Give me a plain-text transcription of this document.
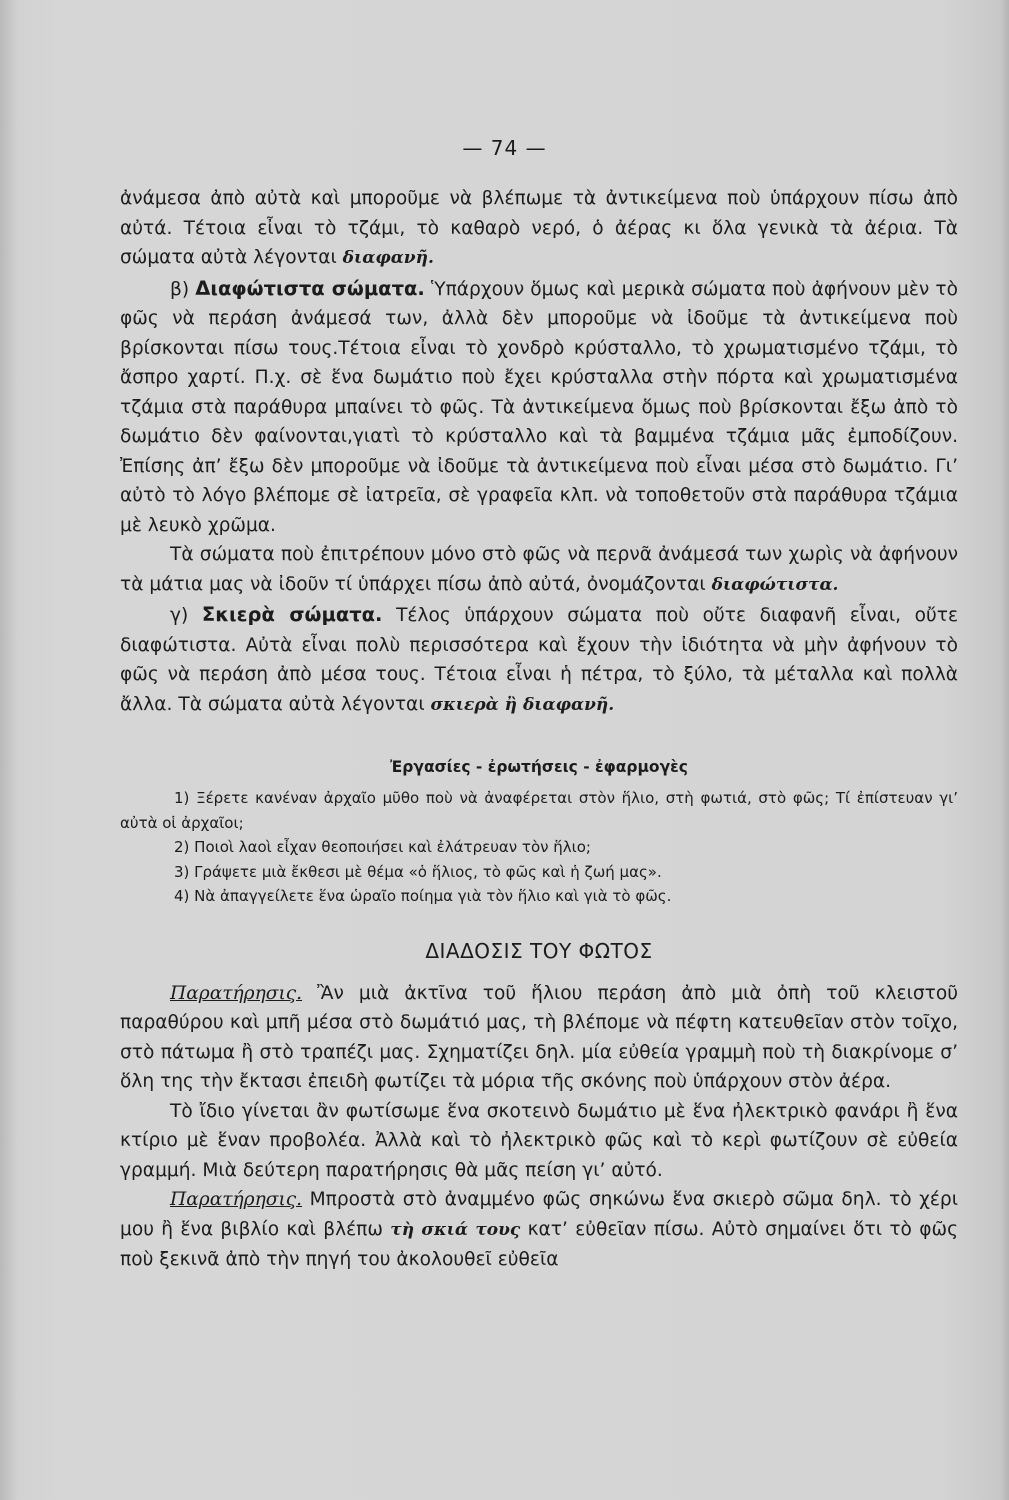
— 74 —

ἀνάμεσα ἀπὸ αὐτὰ καὶ μποροῦμε νὰ βλέπωμε τὰ ἀντικείμενα ποὺ ὑπάρχουν πίσω ἀπὸ αὐτά. Τέτοια εἶναι τὸ τζάμι, τὸ καθαρὸ νερό, ὁ ἀέρας κι ὅλα γενικὰ τὰ ἀέρια. Τὰ σώματα αὐτὰ λέγονται διαφανῆ.

β) Διαφώτιστα σώματα. Ὑπάρχουν ὅμως καὶ μερικὰ σώματα ποὺ ἀφήνουν μὲν τὸ φῶς νὰ περάση ἀνάμεσά των, ἀλλὰ δὲν μποροῦμε νὰ ἰδοῦμε τὰ ἀντικείμενα ποὺ βρίσκονται πίσω τους.Τέτοια εἶναι τὸ χονδρὸ κρύσταλλο, τὸ χρωματισμένο τζάμι, τὸ ἄσπρο χαρτί. Π.χ. σὲ ἕνα δωμάτιο ποὺ ἔχει κρύσταλλα στὴν πόρτα καὶ χρωματισμένα τζάμια στὰ παράθυρα μπαίνει τὸ φῶς. Τὰ ἀντικείμενα ὅμως ποὺ βρίσκονται ἔξω ἀπὸ τὸ δωμάτιο δὲν φαίνονται,γιατὶ τὸ κρύσταλλο καὶ τὰ βαμμένα τζάμια μᾶς ἐμποδίζουν. Ἐπίσης ἀπ’ ἔξω δὲν μποροῦμε νὰ ἰδοῦμε τὰ ἀντικείμενα ποὺ εἶναι μέσα στὸ δωμάτιο. Γι’ αὐτὸ τὸ λόγο βλέπομε σὲ ἰατρεῖα, σὲ γραφεῖα κλπ. νὰ τοποθετοῦν στὰ παράθυρα τζάμια μὲ λευκὸ χρῶμα.

Τὰ σώματα ποὺ ἐπιτρέπουν μόνο στὸ φῶς νὰ περνᾶ ἀνάμεσά των χωρὶς νὰ ἀφήνουν τὰ μάτια μας νὰ ἰδοῦν τί ὑπάρχει πίσω ἀπὸ αὐτά, ὀνομάζονται διαφώτιστα.

γ) Σκιερὰ σώματα. Τέλος ὑπάρχουν σώματα ποὺ οὔτε διαφανῆ εἶναι, οὔτε διαφώτιστα. Αὐτὰ εἶναι πολὺ περισσότερα καὶ ἔχουν τὴν ἰδιότητα νὰ μὴν ἀφήνουν τὸ φῶς νὰ περάση ἀπὸ μέσα τους. Τέτοια εἶναι ἡ πέτρα, τὸ ξύλο, τὰ μέταλλα καὶ πολλὰ ἄλλα. Τὰ σώματα αὐτὰ λέγονται σκιερὰ ἢ διαφανῆ.

Ἐργασίες - ἐρωτήσεις - ἐφαρμογὲς

1) Ξέρετε κανέναν ἀρχαῖο μῦθο ποὺ νὰ ἀναφέρεται στὸν ἥλιο, στὴ φωτιά, στὸ φῶς; Τί ἐπίστευαν γι’ αὐτὰ οἱ ἀρχαῖοι;

2) Ποιοὶ λαοὶ εἶχαν θεοποιήσει καὶ ἐλάτρευαν τὸν ἥλιο;

3) Γράψετε μιὰ ἔκθεσι μὲ θέμα «ὁ ἥλιος, τὸ φῶς καὶ ἡ ζωή μας».

4) Νὰ ἀπαγγείλετε ἕνα ὡραῖο ποίημα γιὰ τὸν ἥλιο καὶ γιὰ τὸ φῶς.

ΔΙΑΔΟΣΙΣ ΤΟΥ ΦΩΤΟΣ

Παρατήρησις. Ἂν μιὰ ἀκτῖνα τοῦ ἥλιου περάση ἀπὸ μιὰ ὀπὴ τοῦ κλειστοῦ παραθύρου καὶ μπῆ μέσα στὸ δωμάτιό μας, τὴ βλέπομε νὰ πέφτη κατευθεῖαν στὸν τοῖχο, στὸ πάτωμα ἢ στὸ τραπέζι μας. Σχηματίζει δηλ. μία εὐθεία γραμμὴ ποὺ τὴ διακρίνομε σ’ ὅλη της τὴν ἔκτασι ἐπειδὴ φωτίζει τὰ μόρια τῆς σκόνης ποὺ ὑπάρχουν στὸν ἀέρα.

Τὸ ἴδιο γίνεται ἂν φωτίσωμε ἕνα σκοτεινὸ δωμάτιο μὲ ἕνα ἠλεκτρικὸ φανάρι ἢ ἕνα κτίριο μὲ ἕναν προβολέα. Ἀλλὰ καὶ τὸ ἠλεκτρικὸ φῶς καὶ τὸ κερὶ φωτίζουν σὲ εὐθεία γραμμή. Μιὰ δεύτερη παρατήρησις θὰ μᾶς πείση γι’ αὐτό.

Παρατήρησις. Μπροστὰ στὸ ἀναμμένο φῶς σηκώνω ἕνα σκιερὸ σῶμα δηλ. τὸ χέρι μου ἢ ἕνα βιβλίο καὶ βλέπω τὴ σκιά τους κατ’ εὐθεῖαν πίσω. Αὐτὸ σημαίνει ὅτι τὸ φῶς ποὺ ξεκινᾶ ἀπὸ τὴν πηγή του ἀκολουθεῖ εὐθεῖα
